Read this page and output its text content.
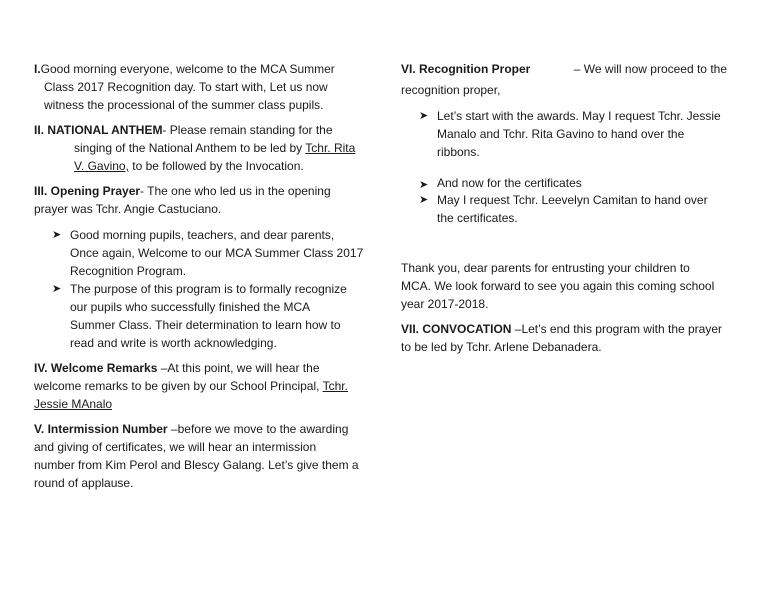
I.Good morning everyone, welcome to the MCA Summer
Class 2017 Recognition day. To start with, Let us now
witness the processional of the summer class pupils.
II. NATIONAL ANTHEM- Please remain standing for the
singing of the National Anthem to be led by Tchr. Rita
V. Gavino, to be followed by the Invocation.
III. Opening Prayer- The one who led us in the opening
prayer was Tchr. Angie Castuciano.
➤ Good morning pupils, teachers, and dear parents,
Once again, Welcome to our MCA Summer Class 2017
Recognition Program.
➤ The purpose of this program is to formally recognize
our pupils who successfully finished the MCA
Summer Class. Their determination to learn how to
read and write is worth acknowledging.
IV. Welcome Remarks –At this point, we will hear the
welcome remarks to be given by our School Principal, Tchr.
Jessie MAnalo
V. Intermission Number –before we move to the awarding
and giving of certificates, we will hear an intermission
number from Kim Perol and Blescy Galang. Let’s give them a
round of applause.
VI. Recognition Proper	– We will now proceed to the
recognition proper,
➤ Let’s start with the awards. May I request Tchr. Jessie
Manalo and Tchr. Rita Gavino to hand over the
ribbons.
➤ And now for the certificates
➤ May I request Tchr. Leevelyn Camitan to hand over
the certificates.
Thank you, dear parents for entrusting your children to
MCA. We look forward to see you again this coming school
year 2017-2018.
VII. CONVOCATION –Let’s end this program with the prayer
to be led by Tchr. Arlene Debanadera.
